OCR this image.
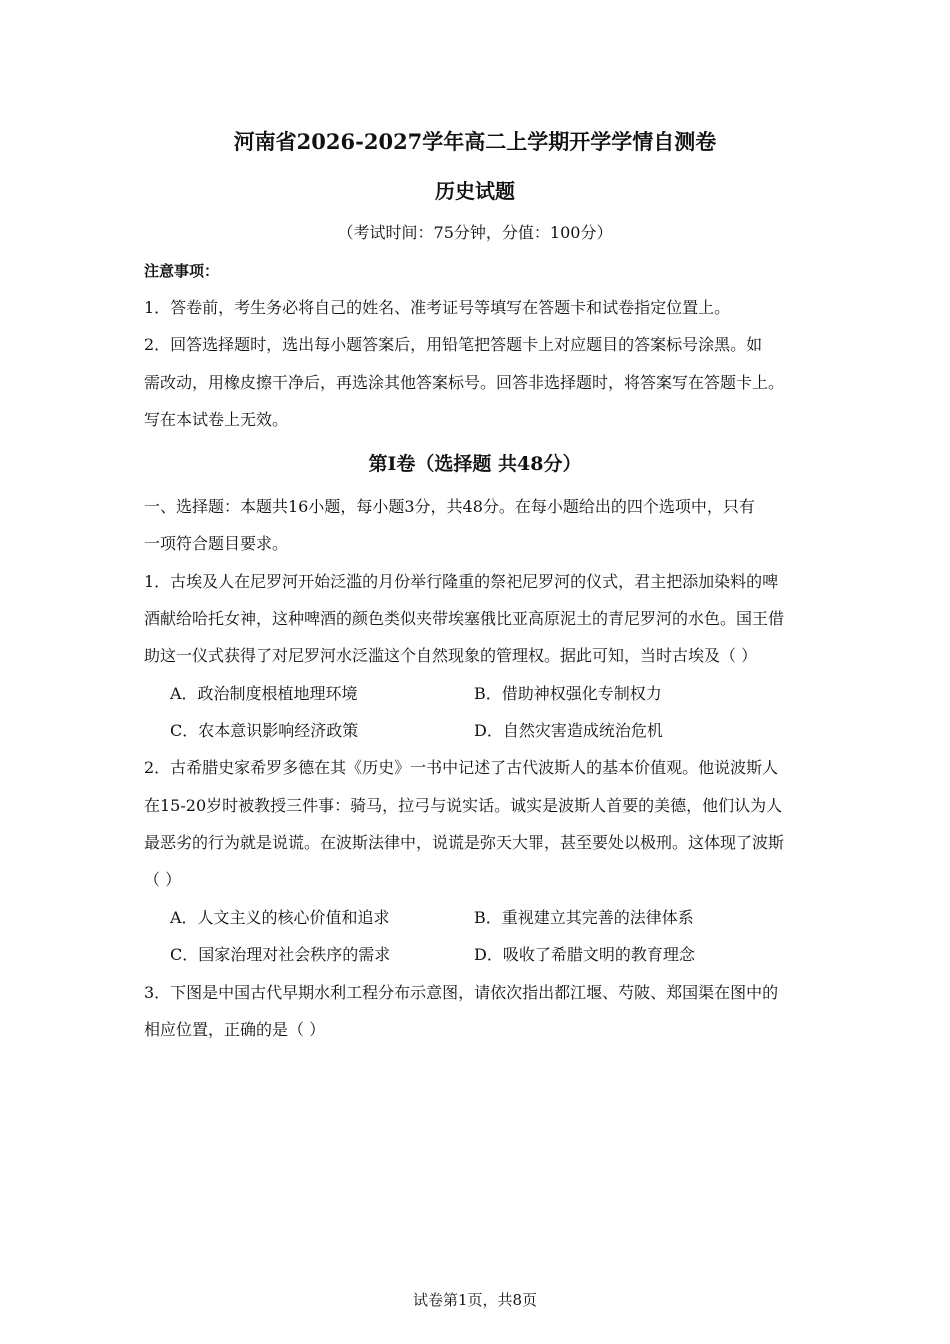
河南省2026-2027学年高二上学期开学学情自测卷
历史试题
（考试时间：75分钟，分值：100分）
注意事项：
1．答卷前，考生务必将自己的姓名、准考证号等填写在答题卡和试卷指定位置上。
2．回答选择题时，选出每小题答案后，用铅笔把答题卡上对应题目的答案标号涂黑。如
需改动，用橡皮擦干净后，再选涂其他答案标号。回答非选择题时，将答案写在答题卡上。
写在本试卷上无效。
第Ⅰ卷（选择题 共48分）
一、选择题：本题共16小题，每小题3分，共48分。在每小题给出的四个选项中，只有
一项符合题目要求。
1．古埃及人在尼罗河开始泛滥的月份举行隆重的祭祀尼罗河的仪式，君主把添加染料的啤
酒献给哈托女神，这种啤酒的颜色类似夹带埃塞俄比亚高原泥土的青尼罗河的水色。国王借
助这一仪式获得了对尼罗河水泛滥这个自然现象的管理权。据此可知，当时古埃及（ ）
A．政治制度根植地理环境	B．借助神权强化专制权力
C．农本意识影响经济政策	D．自然灾害造成统治危机
2．古希腊史家希罗多德在其《历史》一书中记述了古代波斯人的基本价值观。他说波斯人
在15-20岁时被教授三件事：骑马，拉弓与说实话。诚实是波斯人首要的美德，他们认为人
最恶劣的行为就是说谎。在波斯法律中，说谎是弥天大罪，甚至要处以极刑。这体现了波斯
（ ）
A．人文主义的核心价值和追求	B．重视建立其完善的法律体系
C．国家治理对社会秩序的需求	D．吸收了希腊文明的教育理念
3．下图是中国古代早期水利工程分布示意图，请依次指出都江堰、芍陂、郑国渠在图中的
相应位置，正确的是（ ）
试卷第1页，共8页
